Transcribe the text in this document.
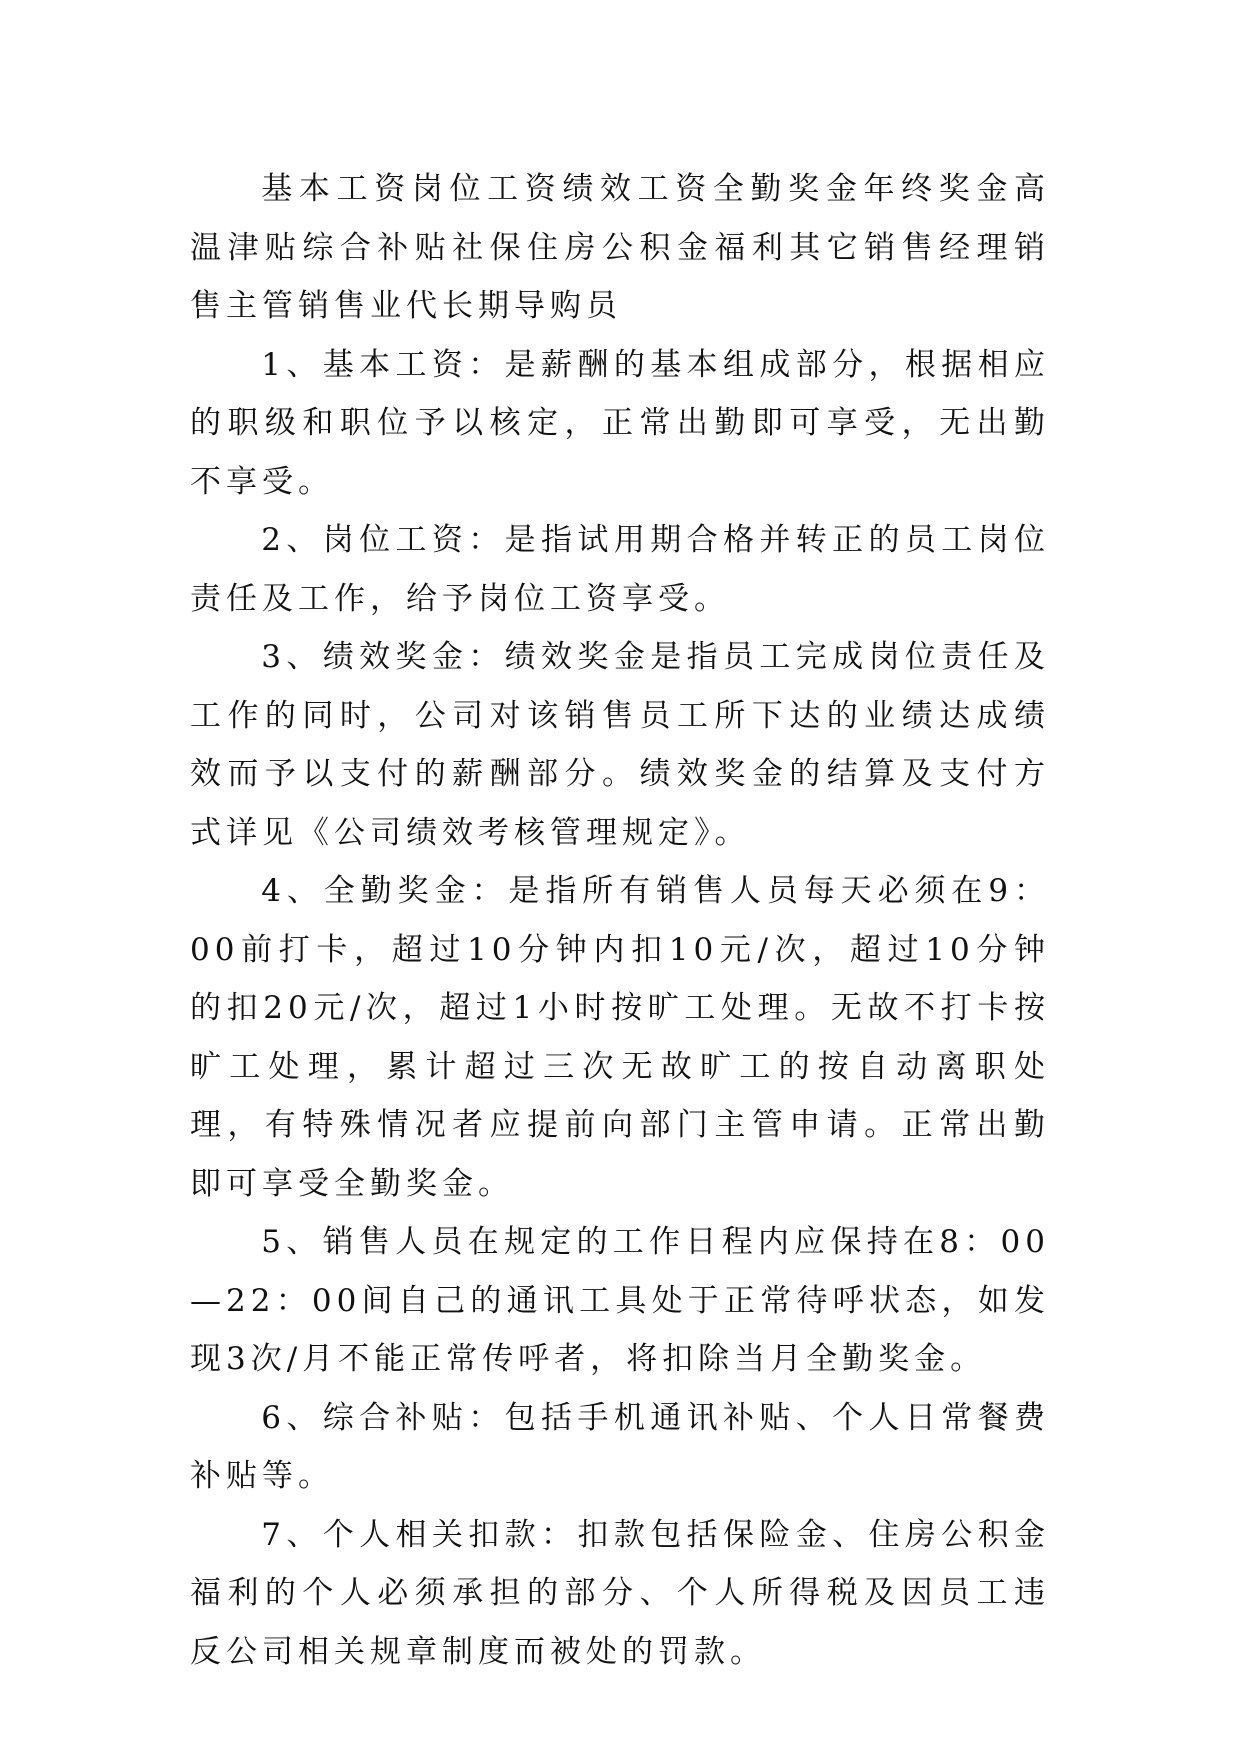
基本工资岗位工资绩效工资全勤奖金年终奖金高温津贴综合补贴社保住房公积金福利其它销售经理销售主管销售业代长期导购员

1、基本工资：是薪酬的基本组成部分，根据相应的职级和职位予以核定，正常出勤即可享受，无出勤不享受。

2、岗位工资：是指试用期合格并转正的员工岗位责任及工作，给予岗位工资享受。

3、绩效奖金：绩效奖金是指员工完成岗位责任及工作的同时，公司对该销售员工所下达的业绩达成绩效而予以支付的薪酬部分。绩效奖金的结算及支付方式详见《公司绩效考核管理规定》。

4、全勤奖金：是指所有销售人员每天必须在9：00前打卡，超过10分钟内扣10元/次，超过10分钟的扣20元/次，超过1小时按旷工处理。无故不打卡按旷工处理，累计超过三次无故旷工的按自动离职处理，有特殊情况者应提前向部门主管申请。正常出勤即可享受全勤奖金。

5、销售人员在规定的工作日程内应保持在8：00—22：00间自己的通讯工具处于正常待呼状态，如发现3次/月不能正常传呼者，将扣除当月全勤奖金。

6、综合补贴：包括手机通讯补贴、个人日常餐费补贴等。

7、个人相关扣款：扣款包括保险金、住房公积金福利的个人必须承担的部分、个人所得税及因员工违反公司相关规章制度而被处的罚款。
